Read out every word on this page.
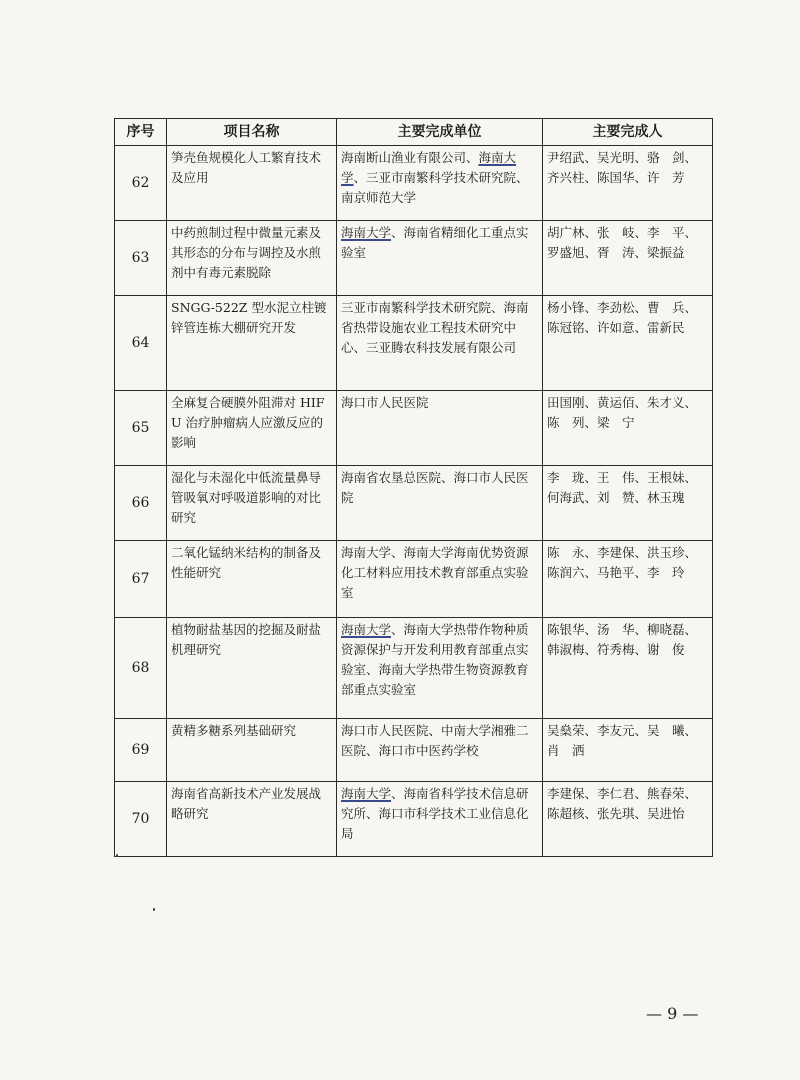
序号	项目名称	主要完成单位	主要完成人
62	笋壳鱼规模化人工繁育技术及应用	海南断山渔业有限公司、海南大学、三亚市南繁科学技术研究院、南京师范大学	尹绍武、吴光明、骆　剑、齐兴柱、陈国华、许　芳
63	中药煎制过程中微量元素及其形态的分布与调控及水煎剂中有毒元素脱除	海南大学、海南省精细化工重点实验室	胡广林、张　岐、李　平、罗盛旭、胥　涛、梁振益
64	SNGG-522Z 型水泥立柱镀锌管连栋大棚研究开发	三亚市南繁科学技术研究院、海南省热带设施农业工程技术研究中心、三亚腾农科技发展有限公司	杨小锋、李劲松、曹　兵、陈冠铭、许如意、雷新民
65	全麻复合硬膜外阻滞对 HIFU 治疗肿瘤病人应激反应的影响	海口市人民医院	田国刚、黄运佰、朱才义、陈　列、梁　宁
66	湿化与未湿化中低流量鼻导管吸氧对呼吸道影响的对比研究	海南省农垦总医院、海口市人民医院	李　珑、王　伟、王根妹、何海武、刘　赞、林玉瑰
67	二氧化锰纳米结构的制备及性能研究	海南大学、海南大学海南优势资源化工材料应用技术教育部重点实验室	陈　永、李建保、洪玉珍、陈润六、马艳平、李　玲
68	植物耐盐基因的挖掘及耐盐机理研究	海南大学、海南大学热带作物种质资源保护与开发利用教育部重点实验室、海南大学热带生物资源教育部重点实验室	陈银华、汤　华、柳晓磊、韩淑梅、符秀梅、谢　俊
69	黄精多糖系列基础研究	海口市人民医院、中南大学湘雅二医院、海口市中医药学校	吴燊荣、李友元、吴　曦、肖　洒
70	海南省高新技术产业发展战略研究	海南大学、海南省科学技术信息研究所、海口市科学技术工业信息化局	李建保、李仁君、熊春荣、陈超核、张先琪、吴进怡
— 9 —
